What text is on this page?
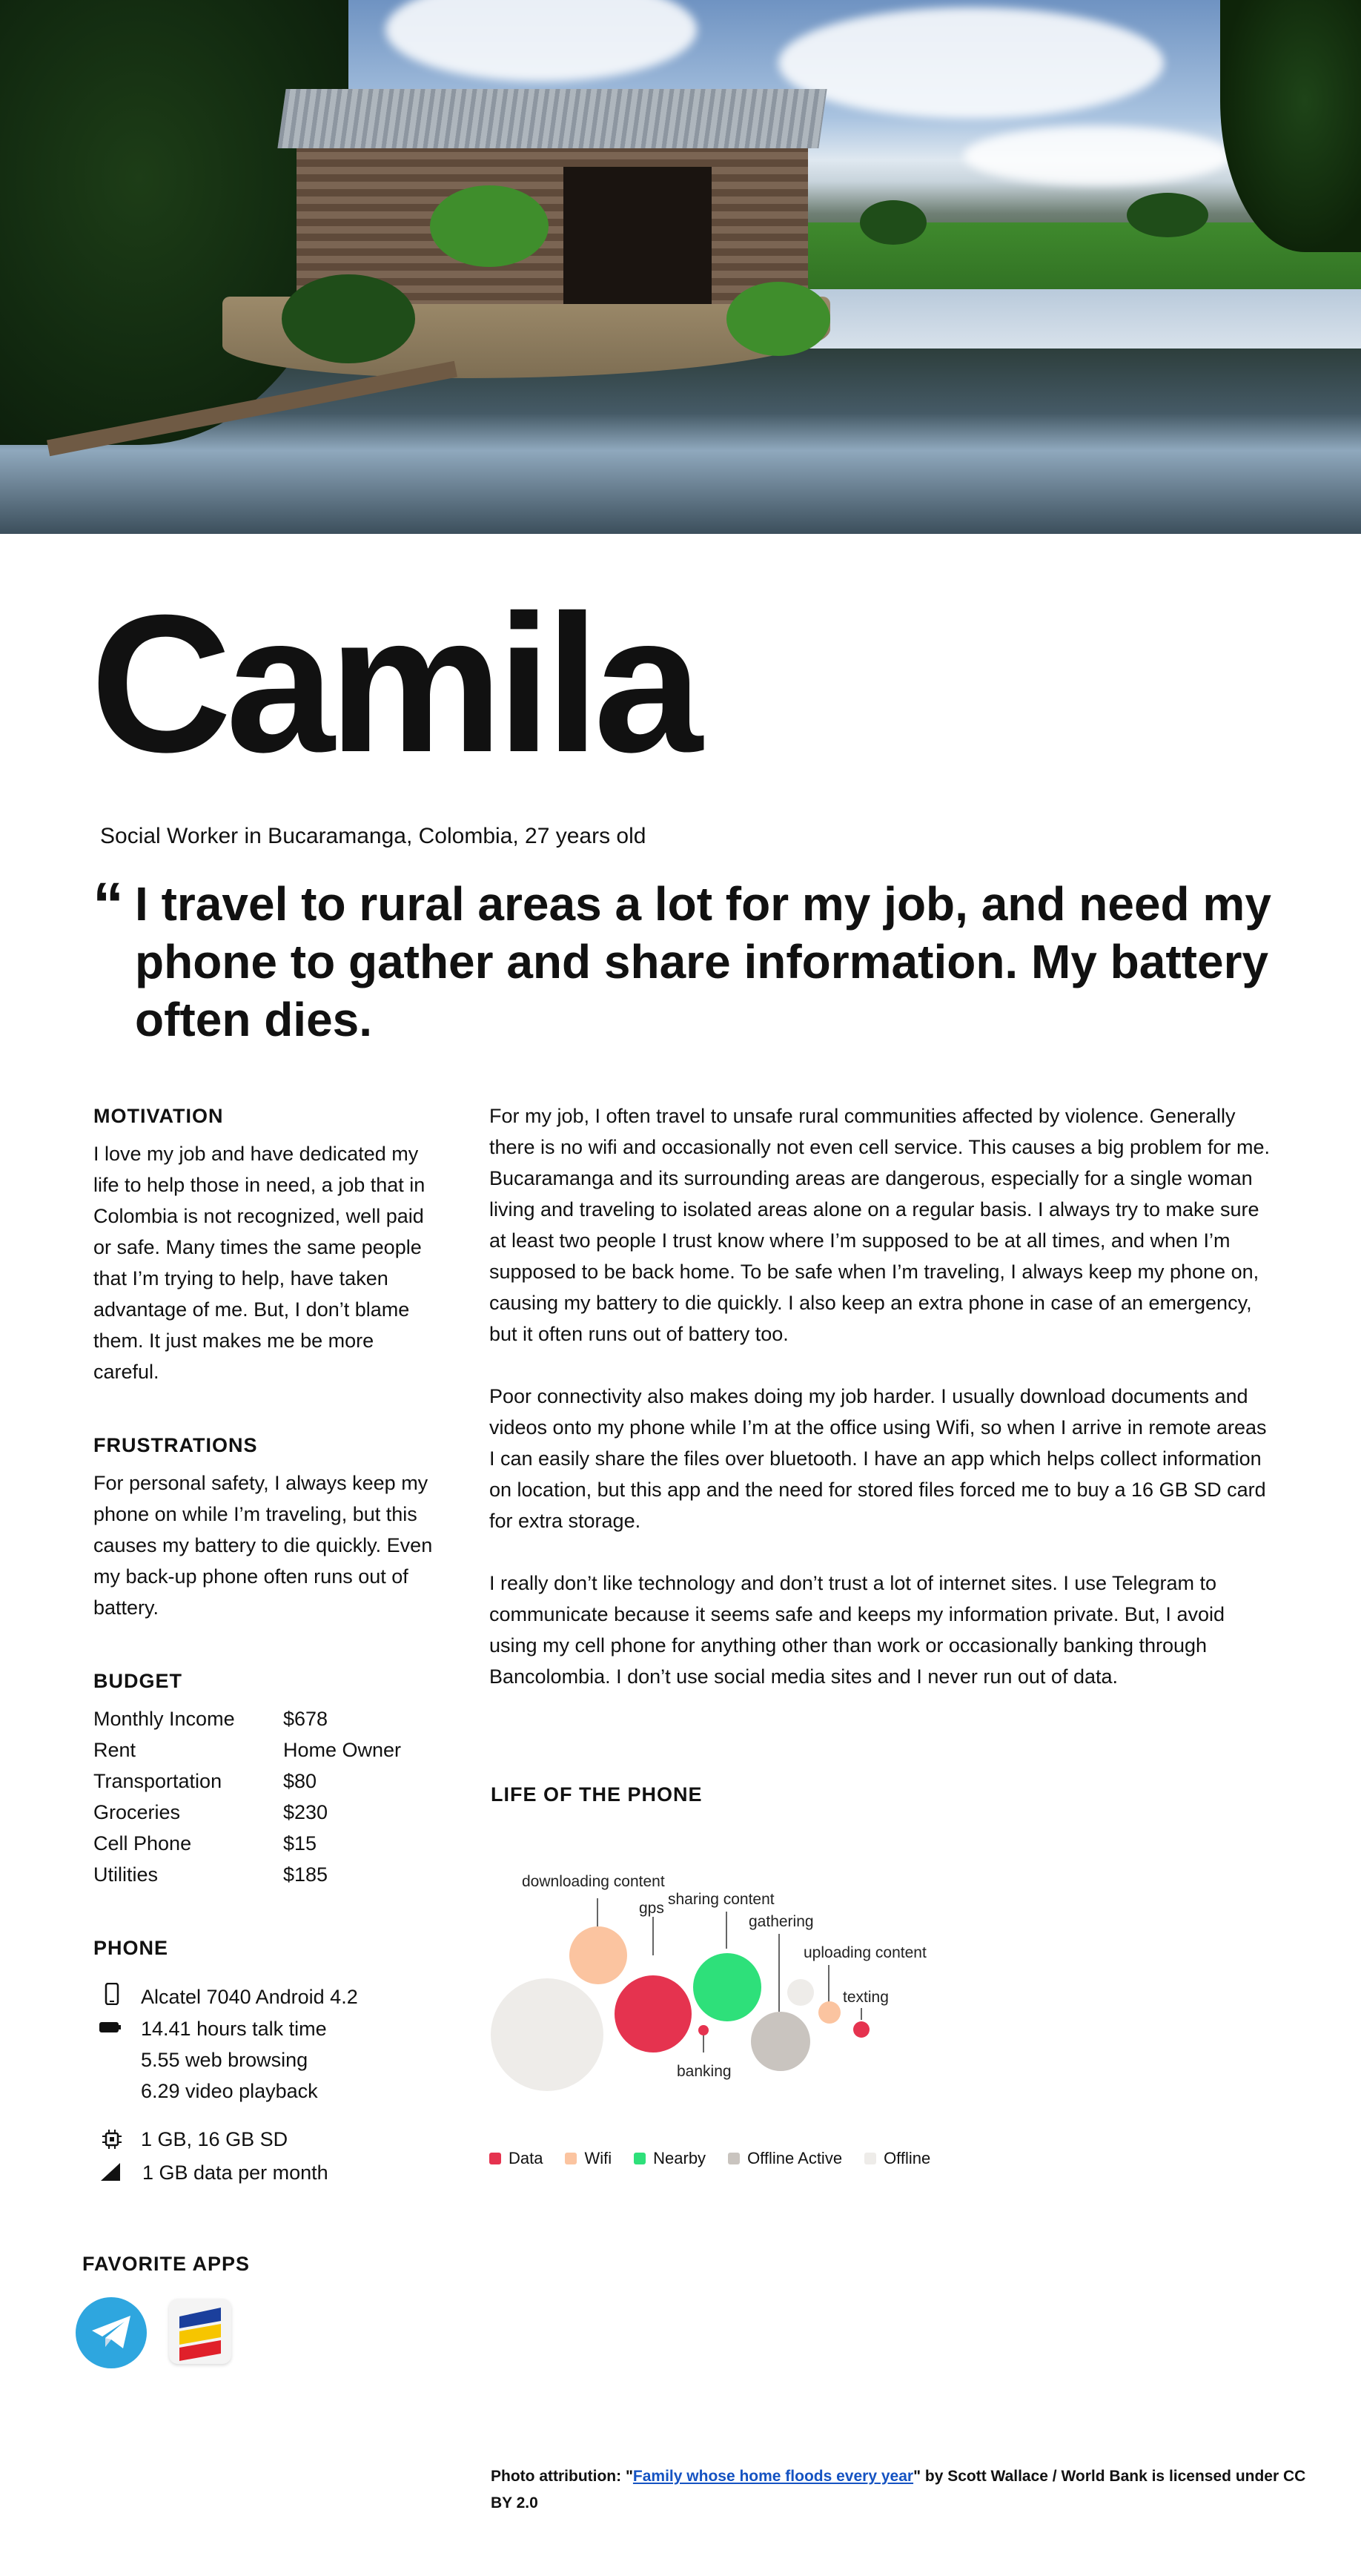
Camila
Social Worker in Bucaramanga, Colombia, 27 years old
“ I travel to rural areas a lot for my job, and need my phone to gather and share information. My battery often dies.
MOTIVATION
I love my job and have dedicated my life to help those in need, a job that in Colombia is not recognized, well paid or safe. Many times the same people that I’m trying to help, have taken advantage of me. But, I don’t blame them. It just makes me be more careful.
FRUSTRATIONS
For personal safety, I always keep my phone on while I’m traveling, but this causes my battery to die quickly. Even my back-up phone often runs out of battery.
BUDGET
Monthly Income $678
Rent	Home Owner
Transportation	$80
Groceries	$230
Cell Phone	$15
Utilities	$185
PHONE
Alcatel 7040 Android 4.2
14.41 hours talk time
5.55 web browsing
6.29 video playback
1 GB, 16 GB SD
1 GB data per month
For my job, I often travel to unsafe rural communities affected by violence. Generally there is no wifi and occasionally not even cell service. This causes a big problem for me. Bucaramanga and its surrounding areas are dangerous, especially for a single woman living and traveling to isolated areas alone on a regular basis. I always try to make sure at least two people I trust know where I’m supposed to be at all times, and when I’m supposed to be back home. To be safe when I’m traveling, I always keep my phone on, causing my battery to die quickly. I also keep an extra phone in case of an emergency, but it often runs out of battery too.
Poor connectivity also makes doing my job harder. I usually download documents and videos onto my phone while I’m at the office using Wifi, so when I arrive in remote areas I can easily share the files over bluetooth. I have an app which helps collect information on location, but this app and the need for stored files forced me to buy a 16 GB SD card for extra storage.
I really don’t like technology and don’t trust a lot of internet sites. I use Telegram to communicate because it seems safe and keeps my information private. But, I avoid using my cell phone for anything other than work or occasionally banking through Bancolombia. I don’t use social media sites and I never run out of data.
LIFE OF THE PHONE
downloading content
gps
sharing content
gathering
uploading content
texting
banking
Data	Wifi	Nearby	Offline Active	Offline
FAVORITE APPS
Photo attribution: "Family whose home floods every year" by Scott Wallace / World Bank is licensed under CC BY 2.0
